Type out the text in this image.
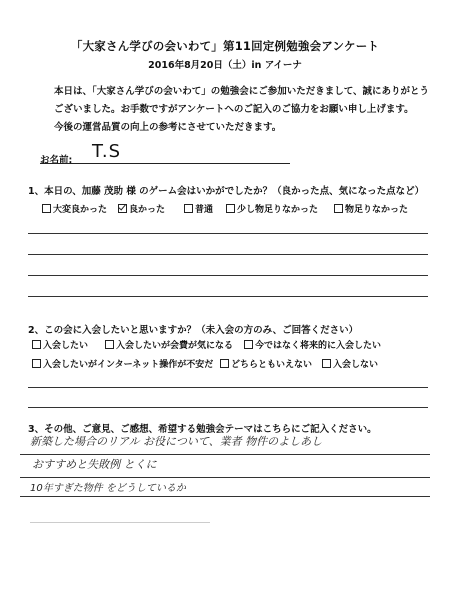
「大家さん学びの会いわて」第11回定例勉強会アンケート
2016年8月20日（土）in アイーナ
本日は、「大家さん学びの会いわて」の勉強会にご参加いただきまして、誠にありがとう
ございました。お手数ですがアンケートへのご記入のご協力をお願い申し上げます。
今後の運営品質の向上の参考にさせていただきます。
お名前: T.S
1、本日の、加藤 茂助 様 のゲーム会はいかがでしたか？（良かった点、気になった点など）
大変良かった 良かった	普通	少し物足りなかった	物足りなかった
2、この会に入会したいと思いますか？（未入会の方のみ、ご回答ください）
入会したい	入会したいが会費が気になる 今ではなく将来的に入会したい
入会したいがインターネット操作が不安だ どちらともいえない 入会しない
3、その他、ご意見、ご感想、希望する勉強会テーマはこちらにご記入ください。
新築した場合のリアル お役について、業者 物件のよしあし
おすすめと失敗例 とくに
10年すぎた物件 をどうしているか
